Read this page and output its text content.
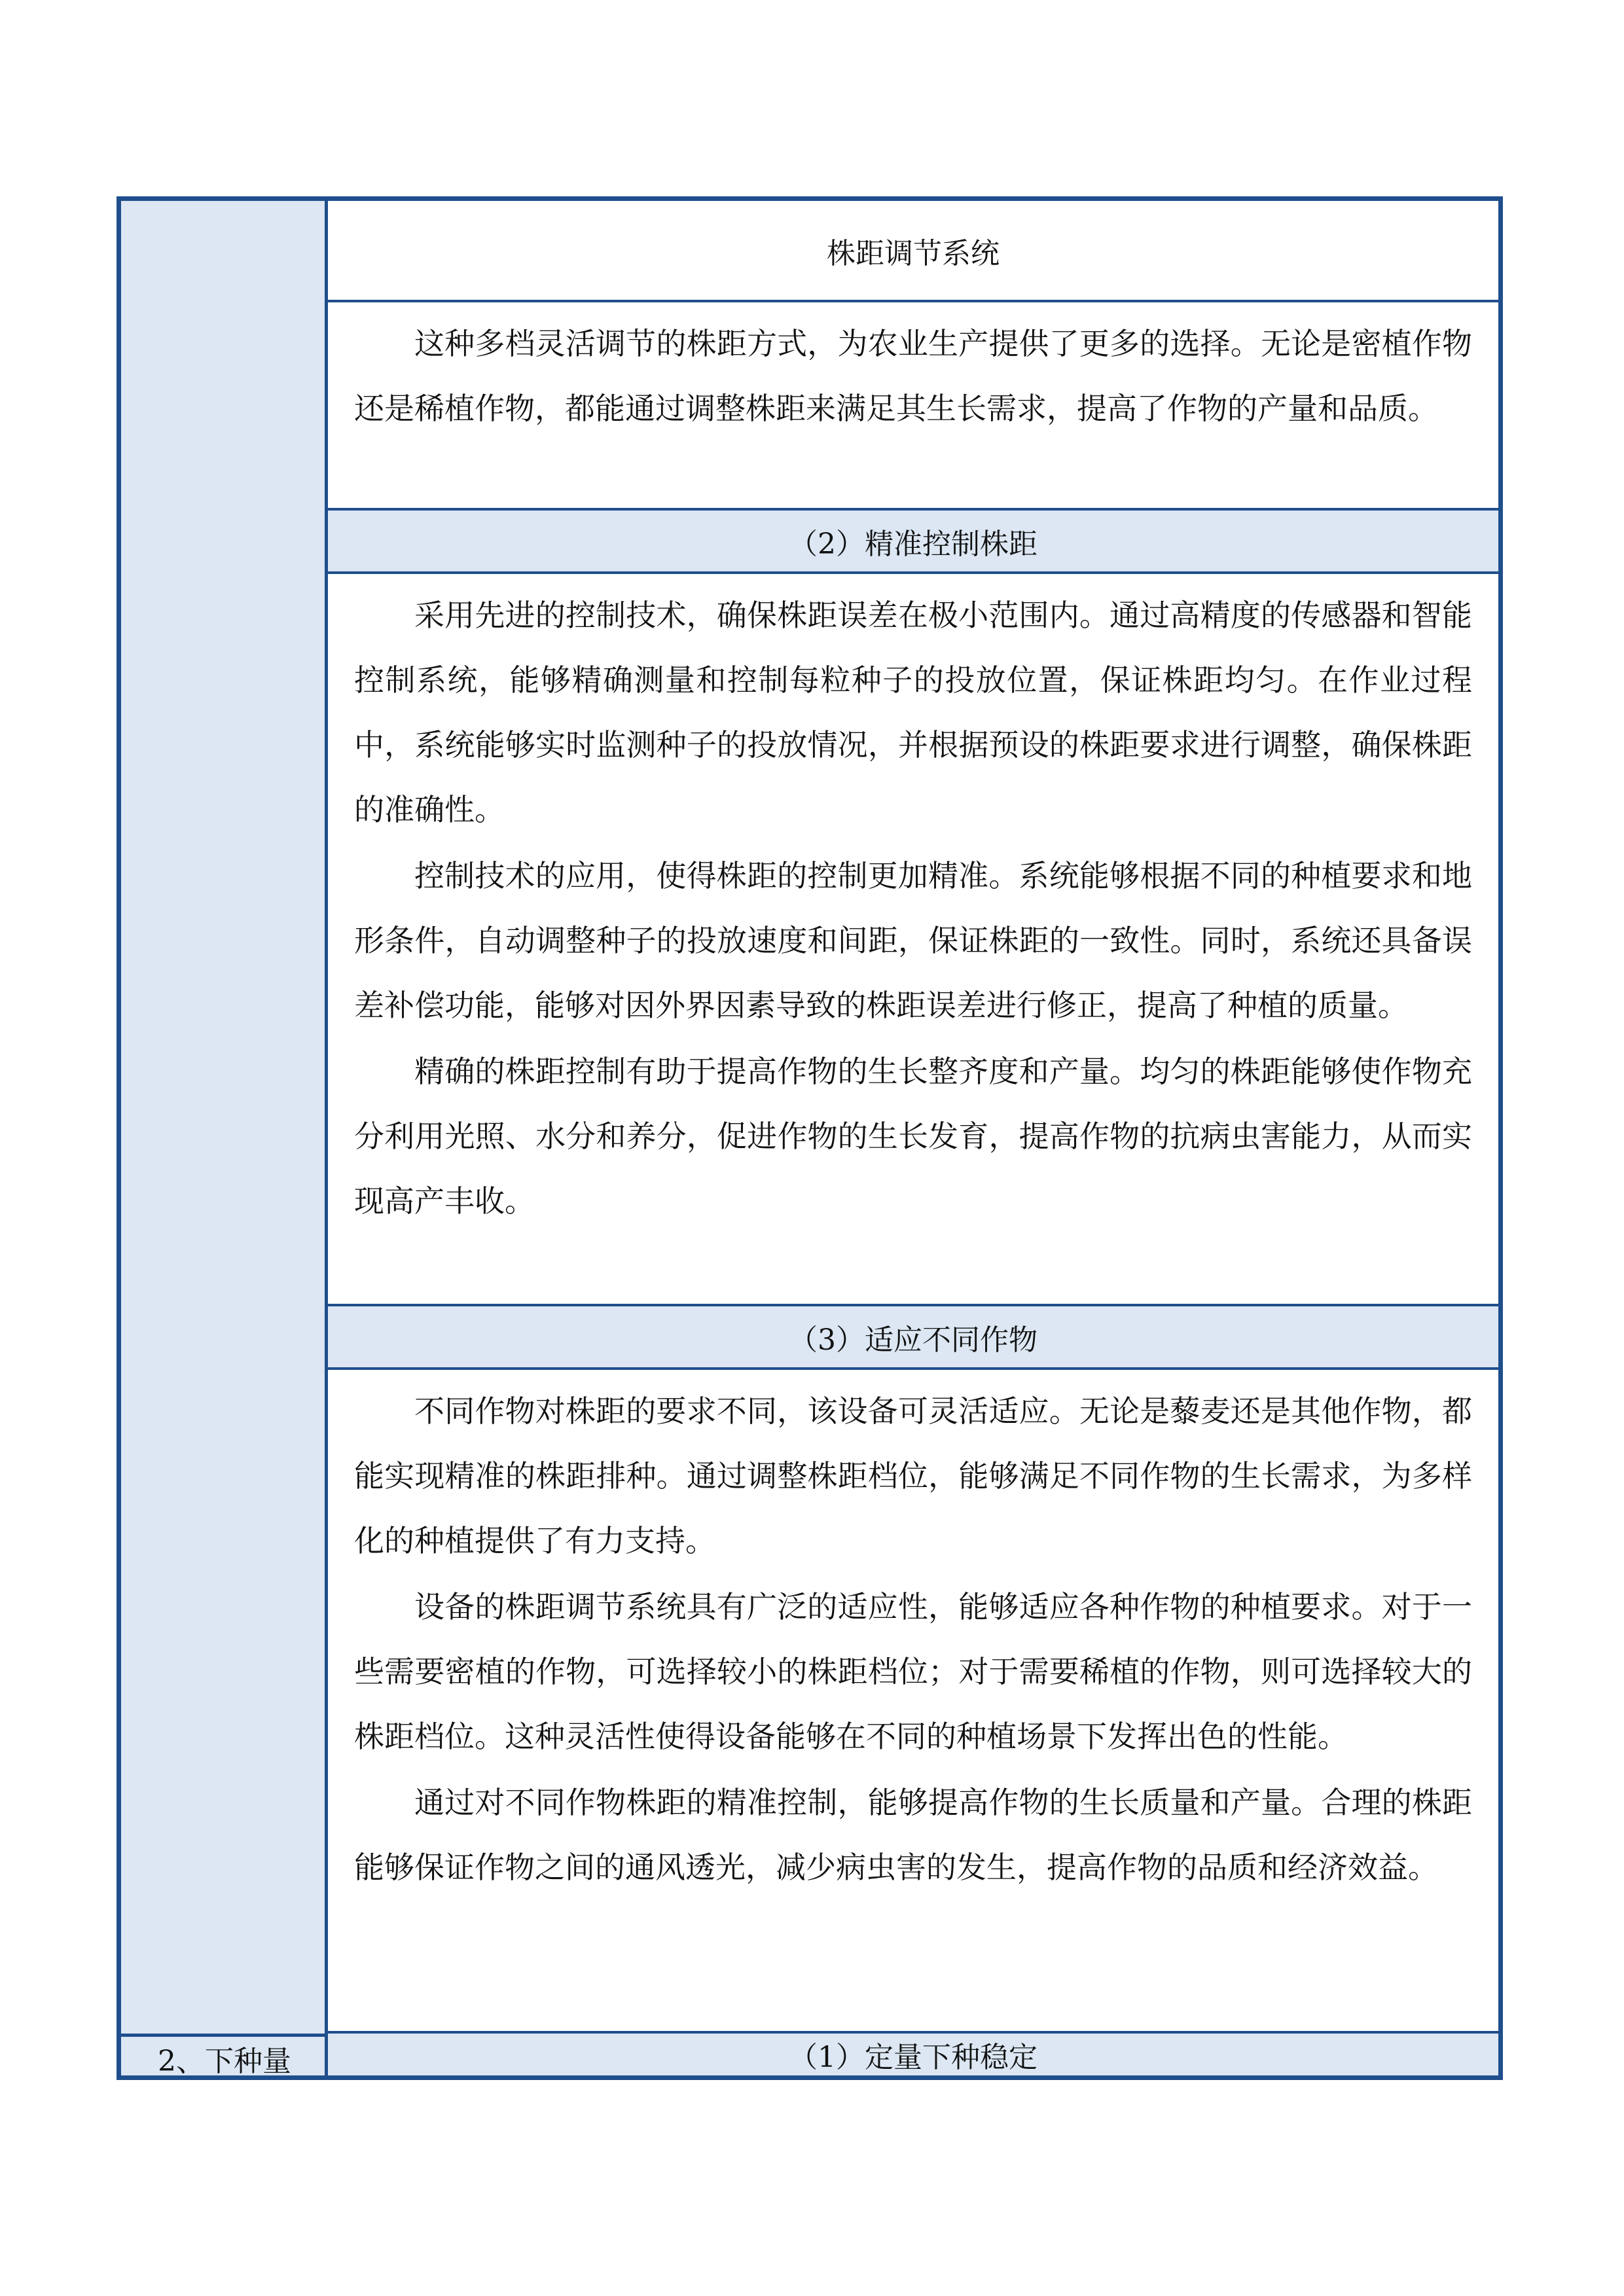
株距调节系统

这种多档灵活调节的株距方式，为农业生产提供了更多的选择。无论是密植作物还是稀植作物，都能通过调整株距来满足其生长需求，提高了作物的产量和品质。

（2）精准控制株距

采用先进的控制技术，确保株距误差在极小范围内。通过高精度的传感器和智能控制系统，能够精确测量和控制每粒种子的投放位置，保证株距均匀。在作业过程中，系统能够实时监测种子的投放情况，并根据预设的株距要求进行调整，确保株距的准确性。

控制技术的应用，使得株距的控制更加精准。系统能够根据不同的种植要求和地形条件，自动调整种子的投放速度和间距，保证株距的一致性。同时，系统还具备误差补偿功能，能够对因外界因素导致的株距误差进行修正，提高了种植的质量。

精确的株距控制有助于提高作物的生长整齐度和产量。均匀的株距能够使作物充分利用光照、水分和养分，促进作物的生长发育，提高作物的抗病虫害能力，从而实现高产丰收。

（3）适应不同作物

不同作物对株距的要求不同，该设备可灵活适应。无论是藜麦还是其他作物，都能实现精准的株距排种。通过调整株距档位，能够满足不同作物的生长需求，为多样化的种植提供了有力支持。

设备的株距调节系统具有广泛的适应性，能够适应各种作物的种植要求。对于一些需要密植的作物，可选择较小的株距档位；对于需要稀植的作物，则可选择较大的株距档位。这种灵活性使得设备能够在不同的种植场景下发挥出色的性能。

通过对不同作物株距的精准控制，能够提高作物的生长质量和产量。合理的株距能够保证作物之间的通风透光，减少病虫害的发生，提高作物的品质和经济效益。

2、下种量	（1）定量下种稳定
